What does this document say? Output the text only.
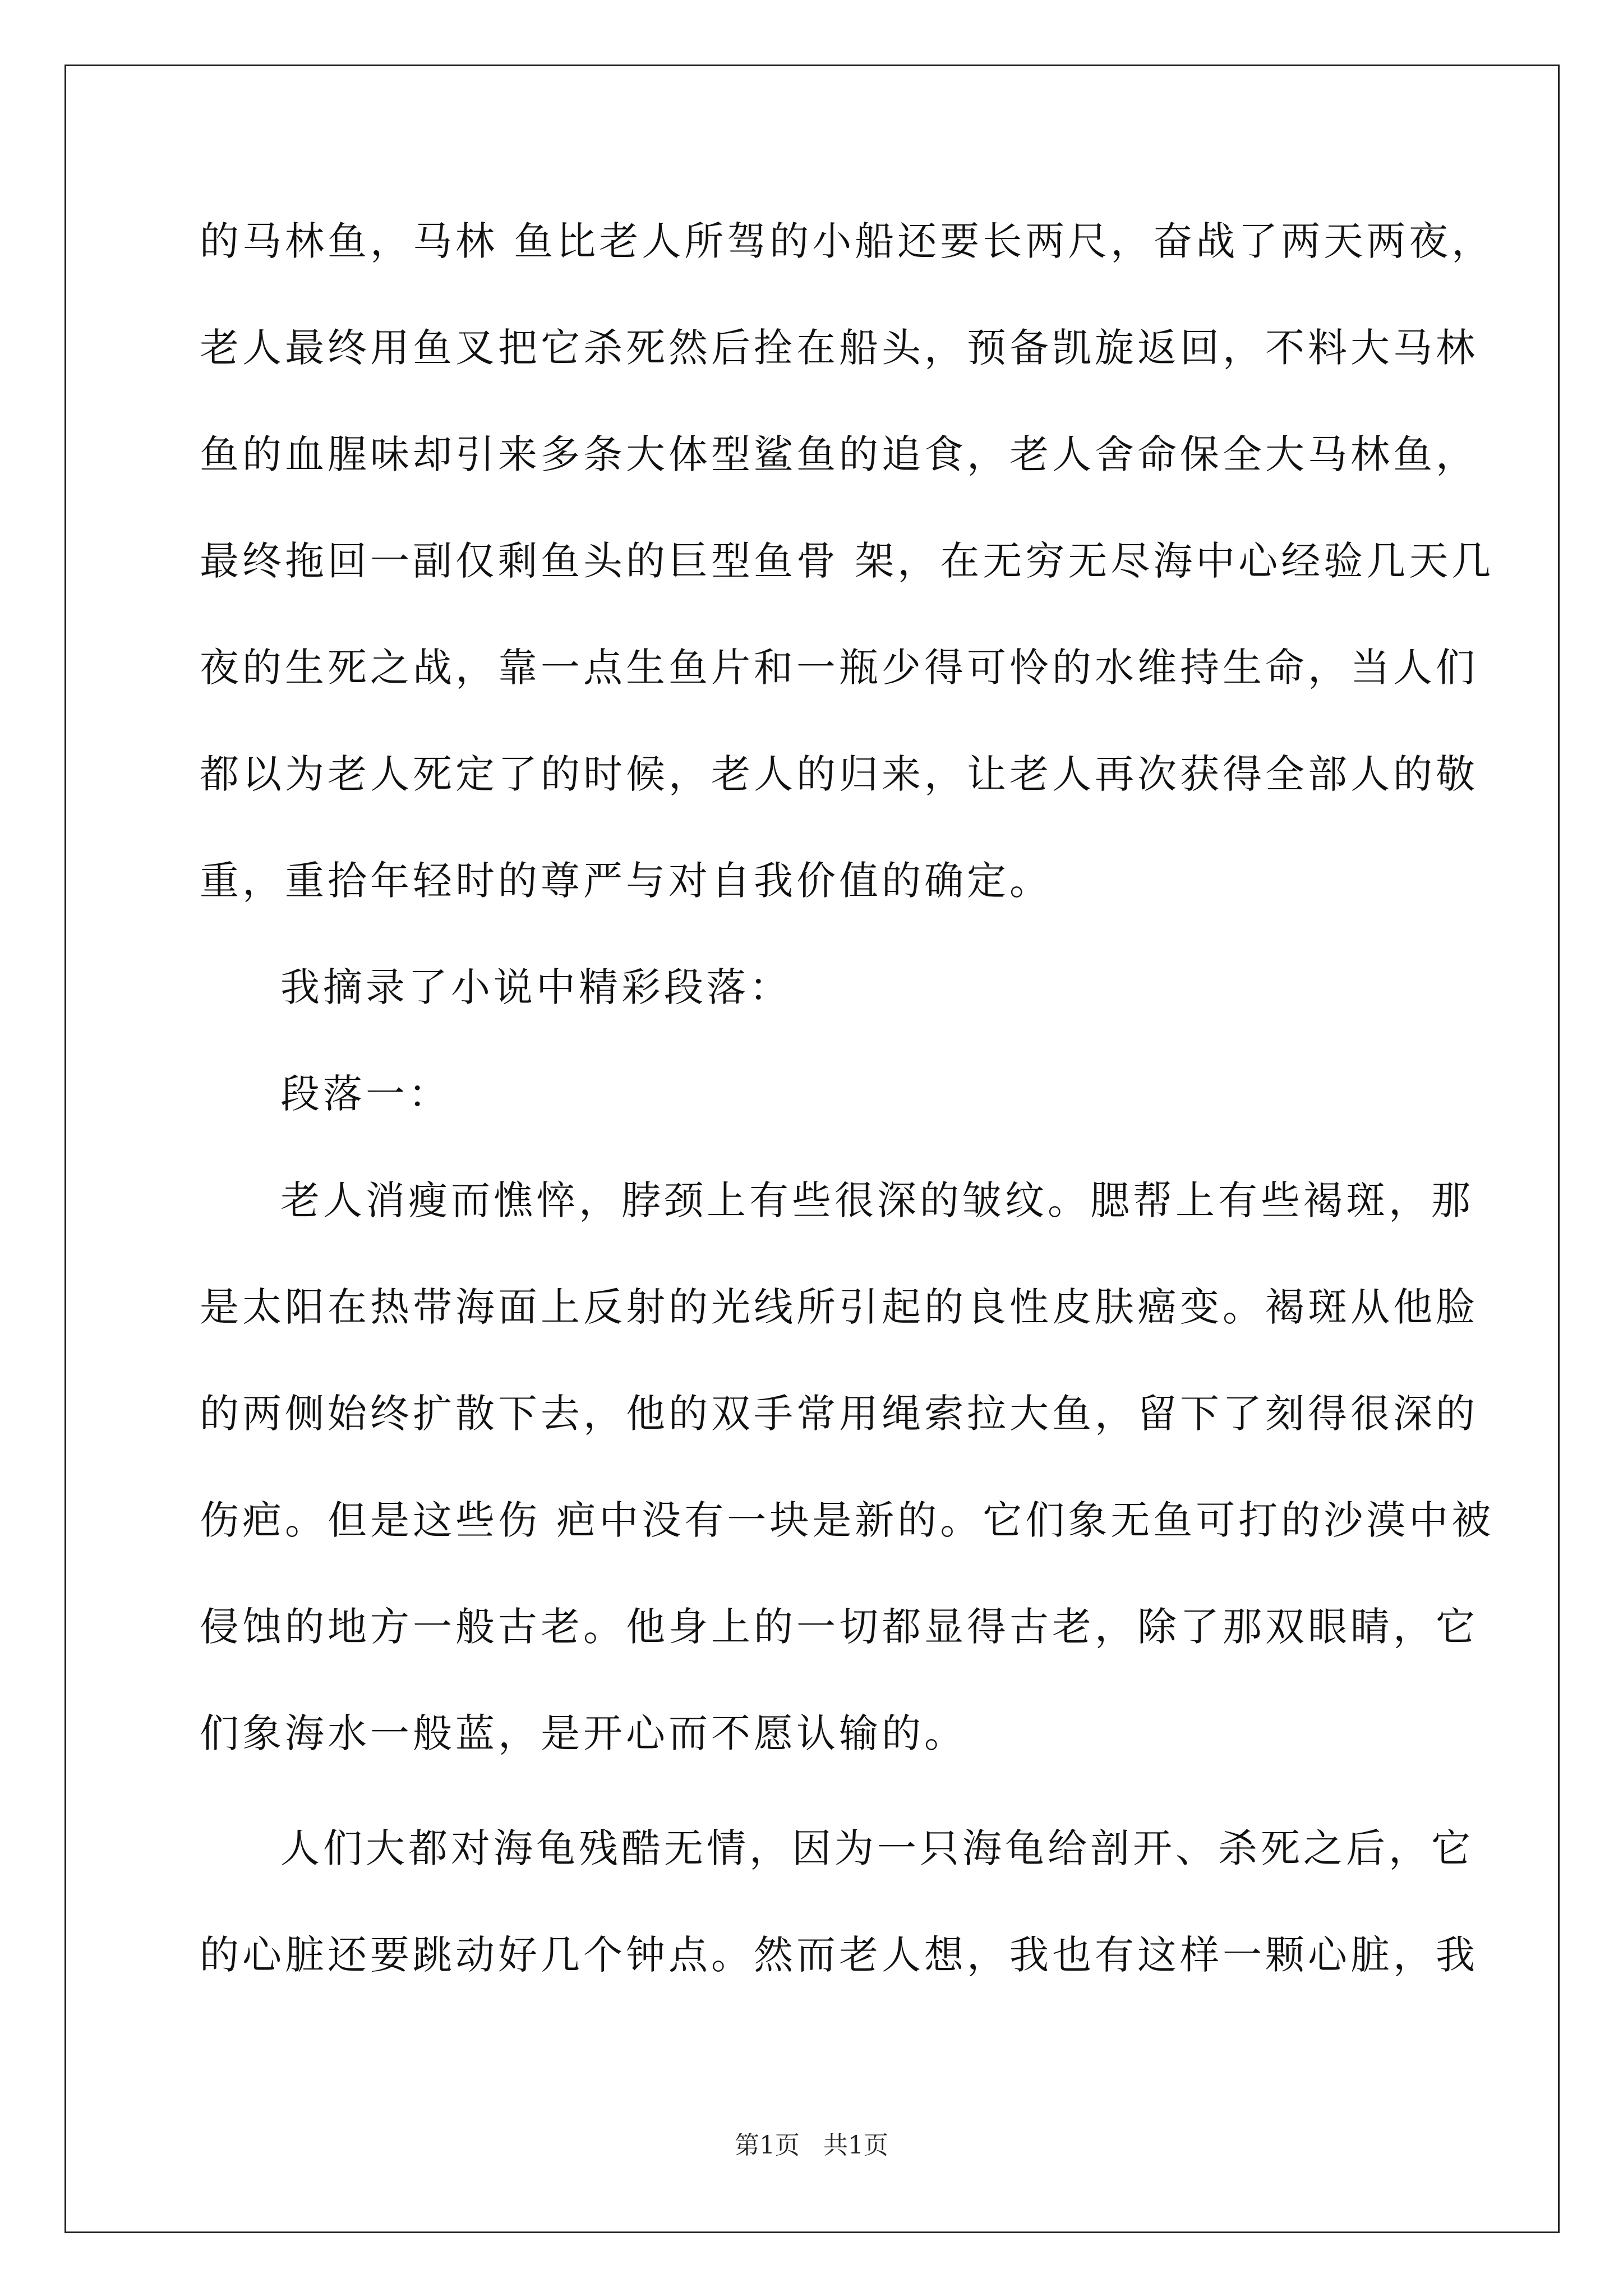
的马林鱼，马林 鱼比老人所驾的小船还要长两尺，奋战了两天两夜，
老人最终用鱼叉把它杀死然后拴在船头，预备凯旋返回，不料大马林
鱼的血腥味却引来多条大体型鲨鱼的追食，老人舍命保全大马林鱼，
最终拖回一副仅剩鱼头的巨型鱼骨 架，在无穷无尽海中心经验几天几
夜的生死之战，靠一点生鱼片和一瓶少得可怜的水维持生命，当人们
都以为老人死定了的时候，老人的归来，让老人再次获得全部人的敬
重，重拾年轻时的尊严与对自我价值的确定。
我摘录了小说中精彩段落：
段落一：
老人消瘦而憔悴，脖颈上有些很深的皱纹。腮帮上有些褐斑，那
是太阳在热带海面上反射的光线所引起的良性皮肤癌变。褐斑从他脸
的两侧始终扩散下去，他的双手常用绳索拉大鱼，留下了刻得很深的
伤疤。但是这些伤 疤中没有一块是新的。它们象无鱼可打的沙漠中被
侵蚀的地方一般古老。他身上的一切都显得古老，除了那双眼睛，它
们象海水一般蓝，是开心而不愿认输的。
人们大都对海龟残酷无情，因为一只海龟给剖开、杀死之后，它
的心脏还要跳动好几个钟点。然而老人想，我也有这样一颗心脏，我
第1页   共1页
